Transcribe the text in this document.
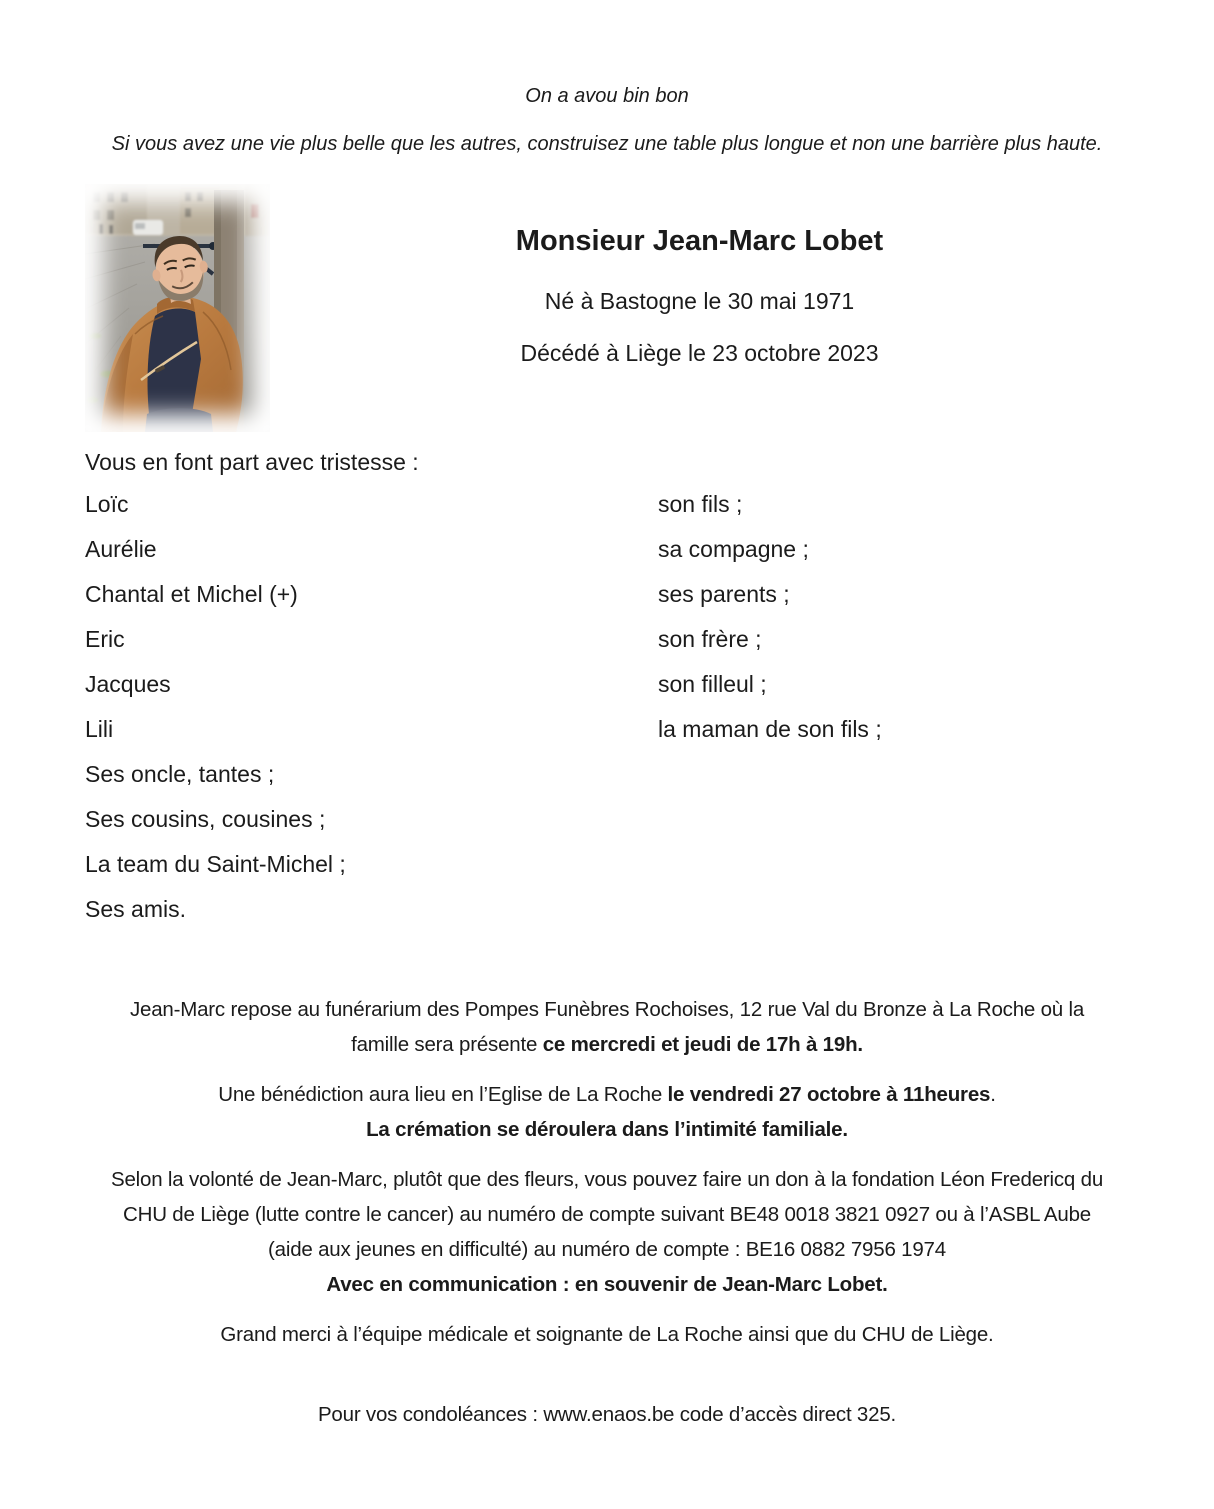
On a avou bin bon

Si vous avez une vie plus belle que les autres, construisez une table plus longue et non une barrière plus haute.

Monsieur Jean-Marc Lobet

Né à Bastogne le 30 mai 1971

Décédé à Liège le 23 octobre 2023

Vous en font part avec tristesse :

Loïc	son fils ;
Aurélie	sa compagne ;
Chantal et Michel (+)	ses parents ;
Eric	son frère ;
Jacques	son filleul ;
Lili	la maman de son fils ;
Ses oncle, tantes ;
Ses cousins, cousines ;
La team du Saint-Michel ;
Ses amis.

Jean-Marc repose au funérarium des Pompes Funèbres Rochoises, 12 rue Val du Bronze à La Roche où la
famille sera présente ce mercredi et jeudi de 17h à 19h.

Une bénédiction aura lieu en l’Eglise de La Roche le vendredi 27 octobre à 11heures.
La crémation se déroulera dans l’intimité familiale.

Selon la volonté de Jean-Marc, plutôt que des fleurs, vous pouvez faire un don à la fondation Léon Fredericq du
CHU de Liège (lutte contre le cancer) au numéro de compte suivant BE48 0018 3821 0927 ou à l’ASBL Aube
(aide aux jeunes en difficulté) au numéro de compte : BE16 0882 7956 1974
Avec en communication : en souvenir de Jean-Marc Lobet.

Grand merci à l’équipe médicale et soignante de La Roche ainsi que du CHU de Liège.

Pour vos condoléances : www.enaos.be code d’accès direct 325.
